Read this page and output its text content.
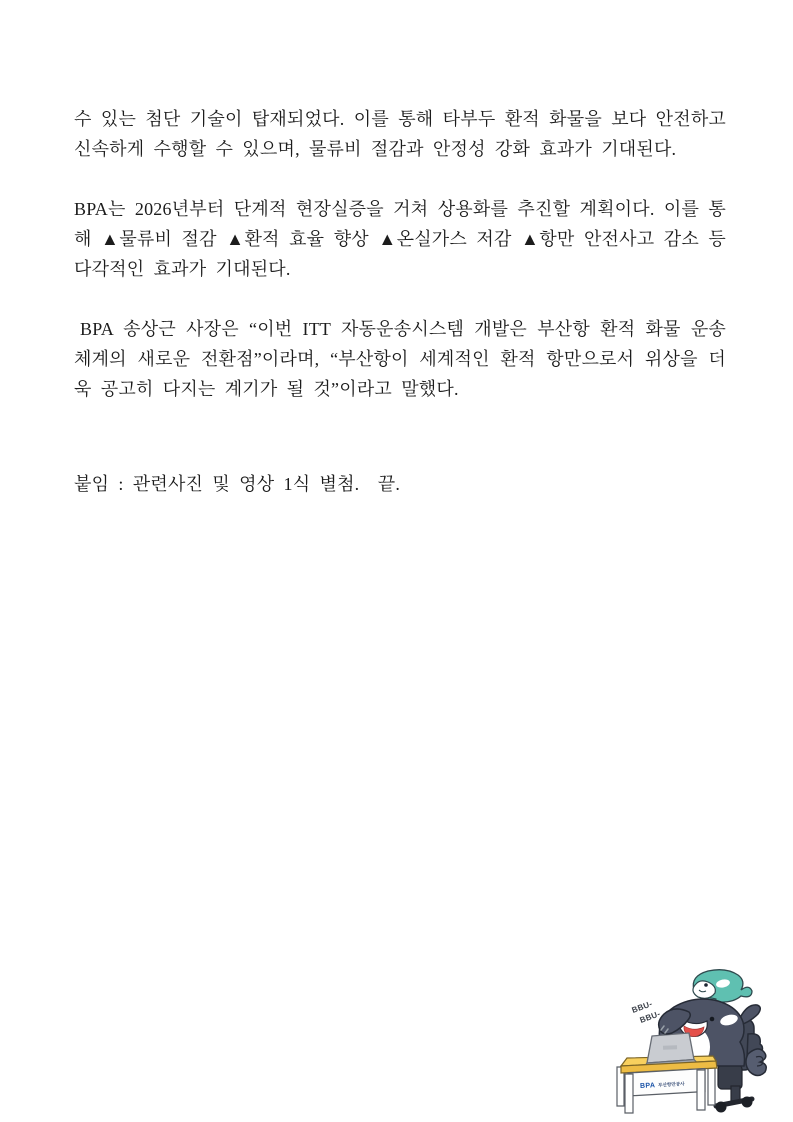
수 있는 첨단 기술이 탑재되었다. 이를 통해 타부두 환적 화물을 보다 안전하고 신속하게 수행할 수 있으며, 물류비 절감과 안정성 강화 효과가 기대된다.

BPA는 2026년부터 단계적 현장실증을 거쳐 상용화를 추진할 계획이다. 이를 통해 ▲물류비 절감 ▲환적 효율 향상 ▲온실가스 저감 ▲항만 안전사고 감소 등 다각적인 효과가 기대된다.

BPA 송상근 사장은 “이번 ITT 자동운송시스템 개발은 부산항 환적 화물 운송 체계의 새로운 전환점”이라며, “부산항이 세계적인 환적 항만으로서 위상을 더욱 공고히 다지는 계기가 될 것”이라고 말했다.

붙임 : 관련사진 및 영상 1식 별첨.  끝.

BPA 부산항만공사
BBU-
BBU-
